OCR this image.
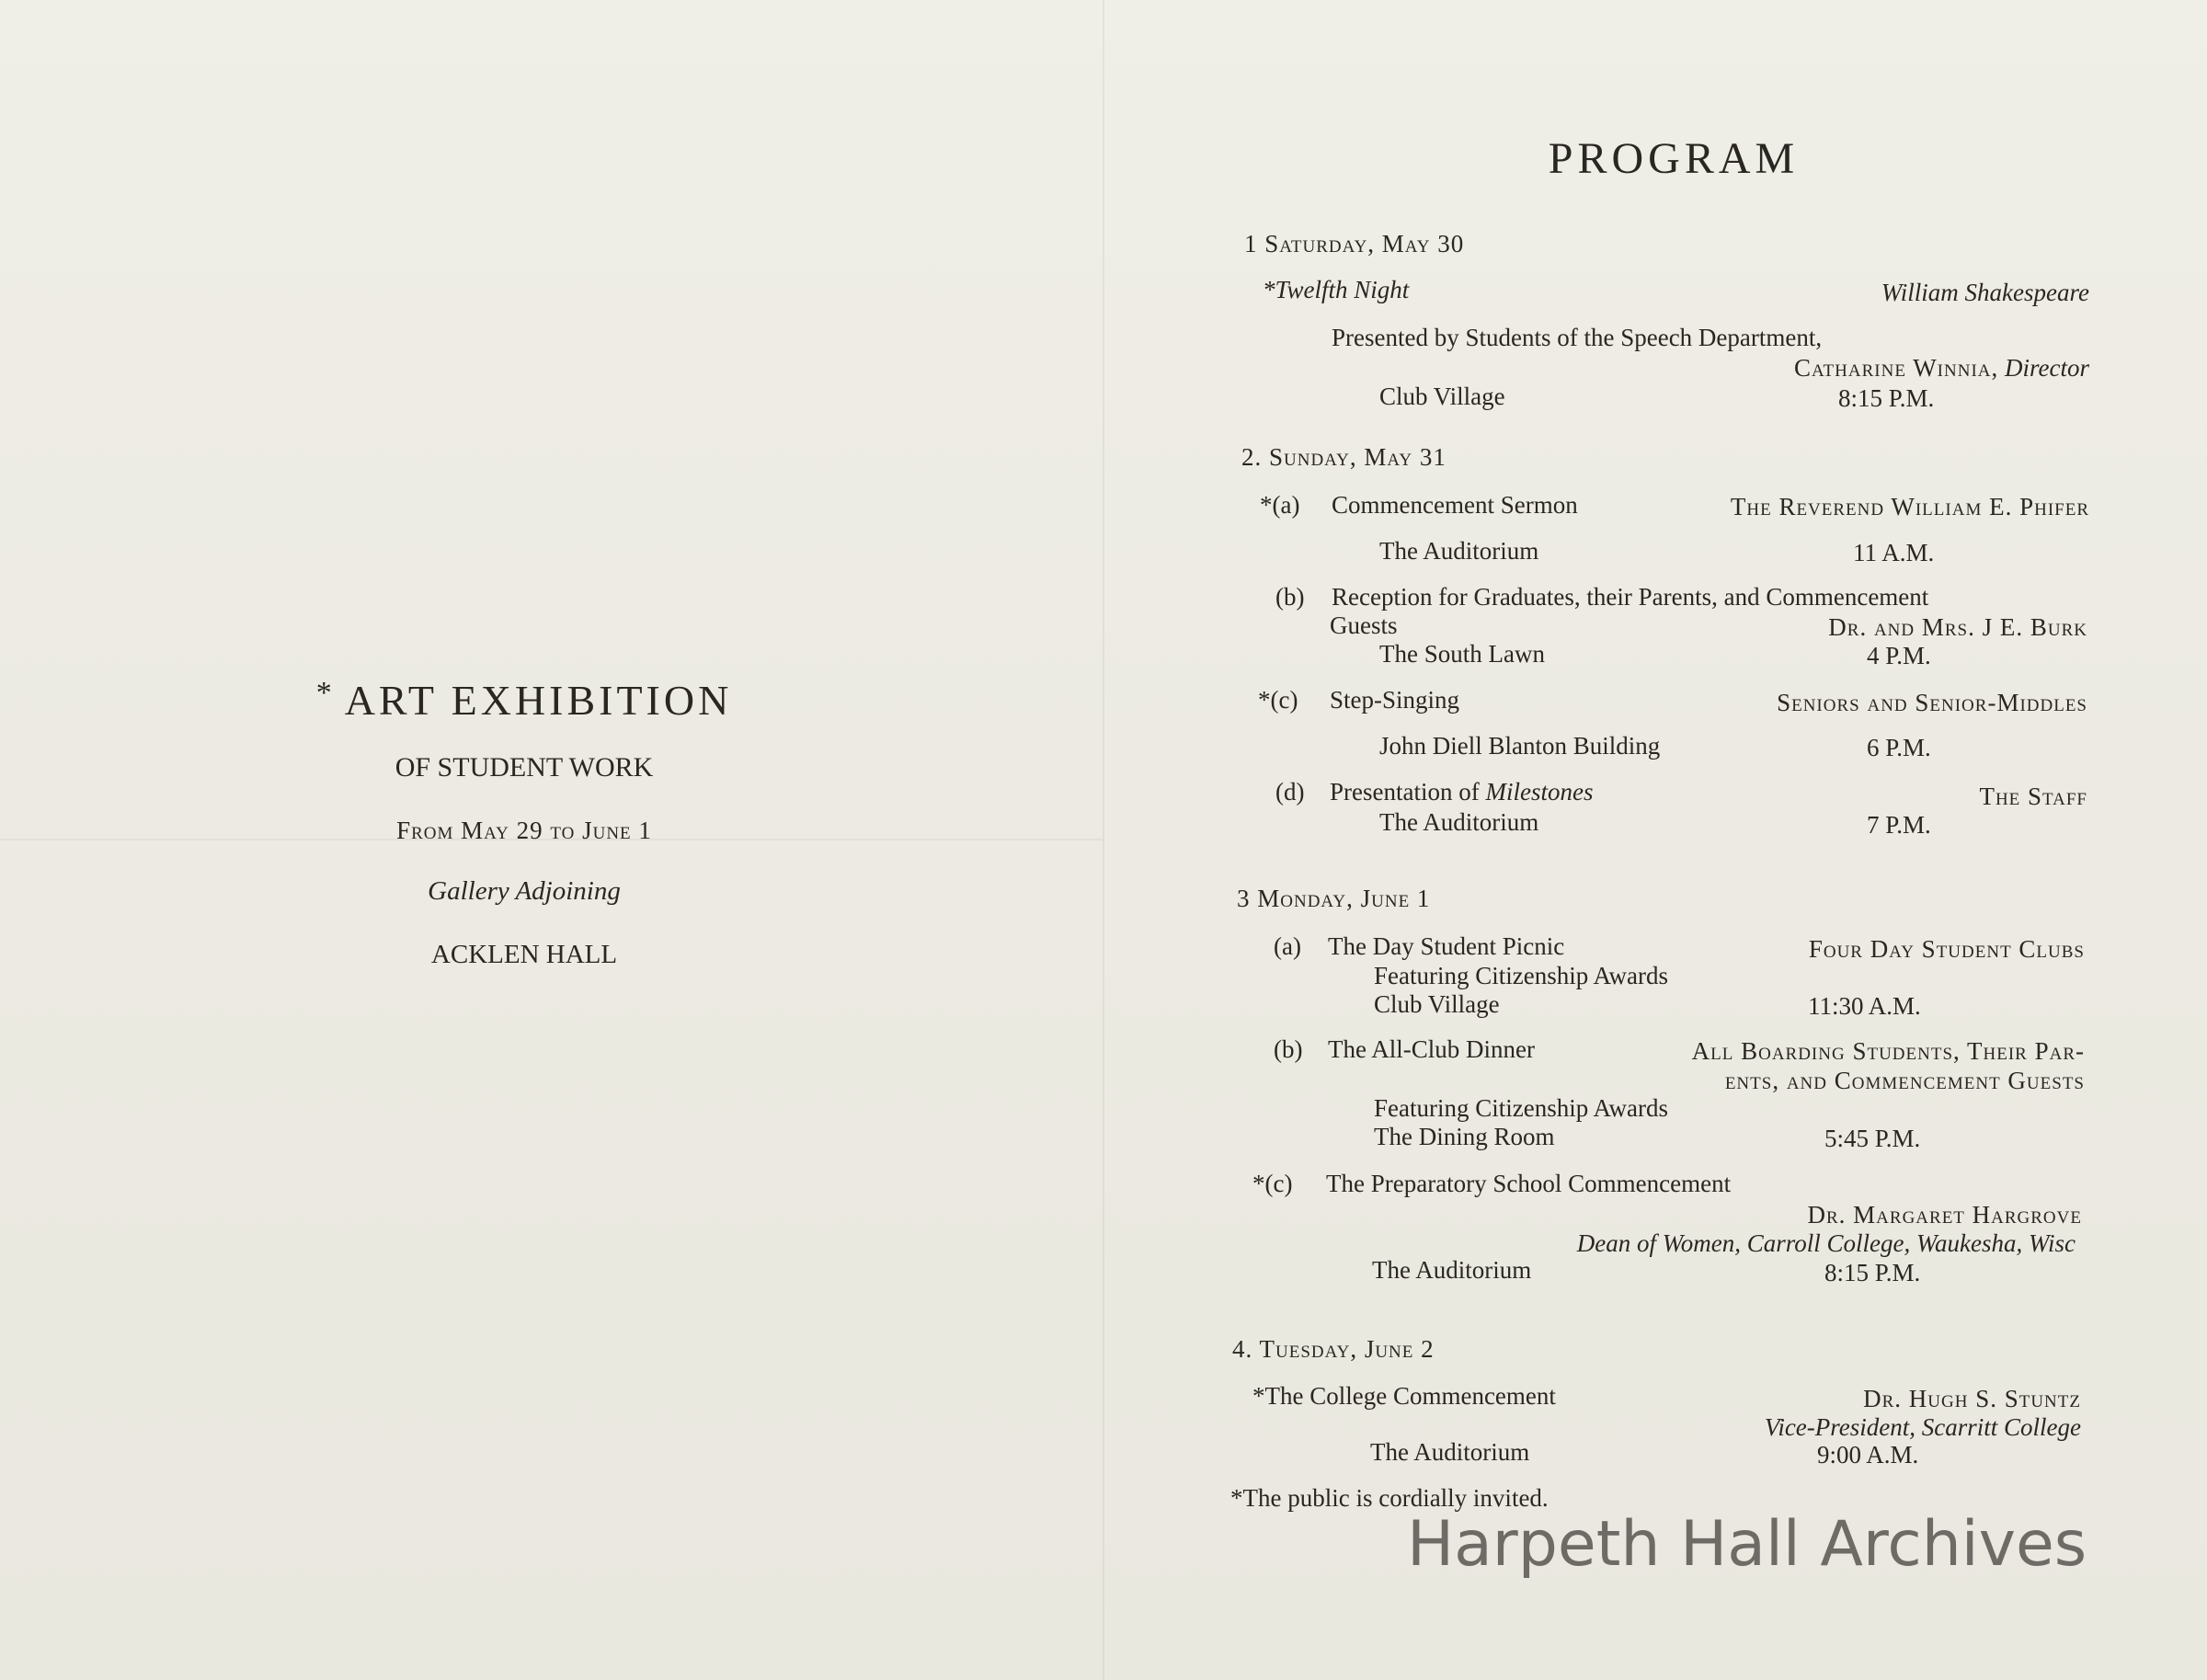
* ART EXHIBITION
OF STUDENT WORK
From May 29 to June 1
Gallery Adjoining
ACKLEN HALL
PROGRAM
1 Saturday, May 30
*Twelfth Night	William Shakespeare
Presented by Students of the Speech Department,
Catharine Winnia, Director
Club Village	8:15 P.M.
2. Sunday, May 31
*(a) Commencement Sermon	The Reverend William E. Phifer
The Auditorium	11 A.M.
(b) Reception for Graduates, their Parents, and Commencement
Guests	Dr. and Mrs. J E. Burk
The South Lawn	4 P.M.
*(c) Step-Singing	Seniors and Senior-Middles
John Diell Blanton Building	6 P.M.
(d) Presentation of Milestones	The Staff
The Auditorium	7 P.M.
3 Monday, June 1
(a) The Day Student Picnic	Four Day Student Clubs
Featuring Citizenship Awards
Club Village	11:30 A.M.
(b) The All-Club Dinner	All Boarding Students, Their Par-
ents, and Commencement Guests
Featuring Citizenship Awards
The Dining Room	5:45 P.M.
*(c) The Preparatory School Commencement
Dr. Margaret Hargrove
Dean of Women, Carroll College, Waukesha, Wisc
The Auditorium	8:15 P.M.
4. Tuesday, June 2
*The College Commencement	Dr. Hugh S. Stuntz
Vice-President, Scarritt College
The Auditorium	9:00 A.M.
*The public is cordially invited.
Harpeth Hall Archives
